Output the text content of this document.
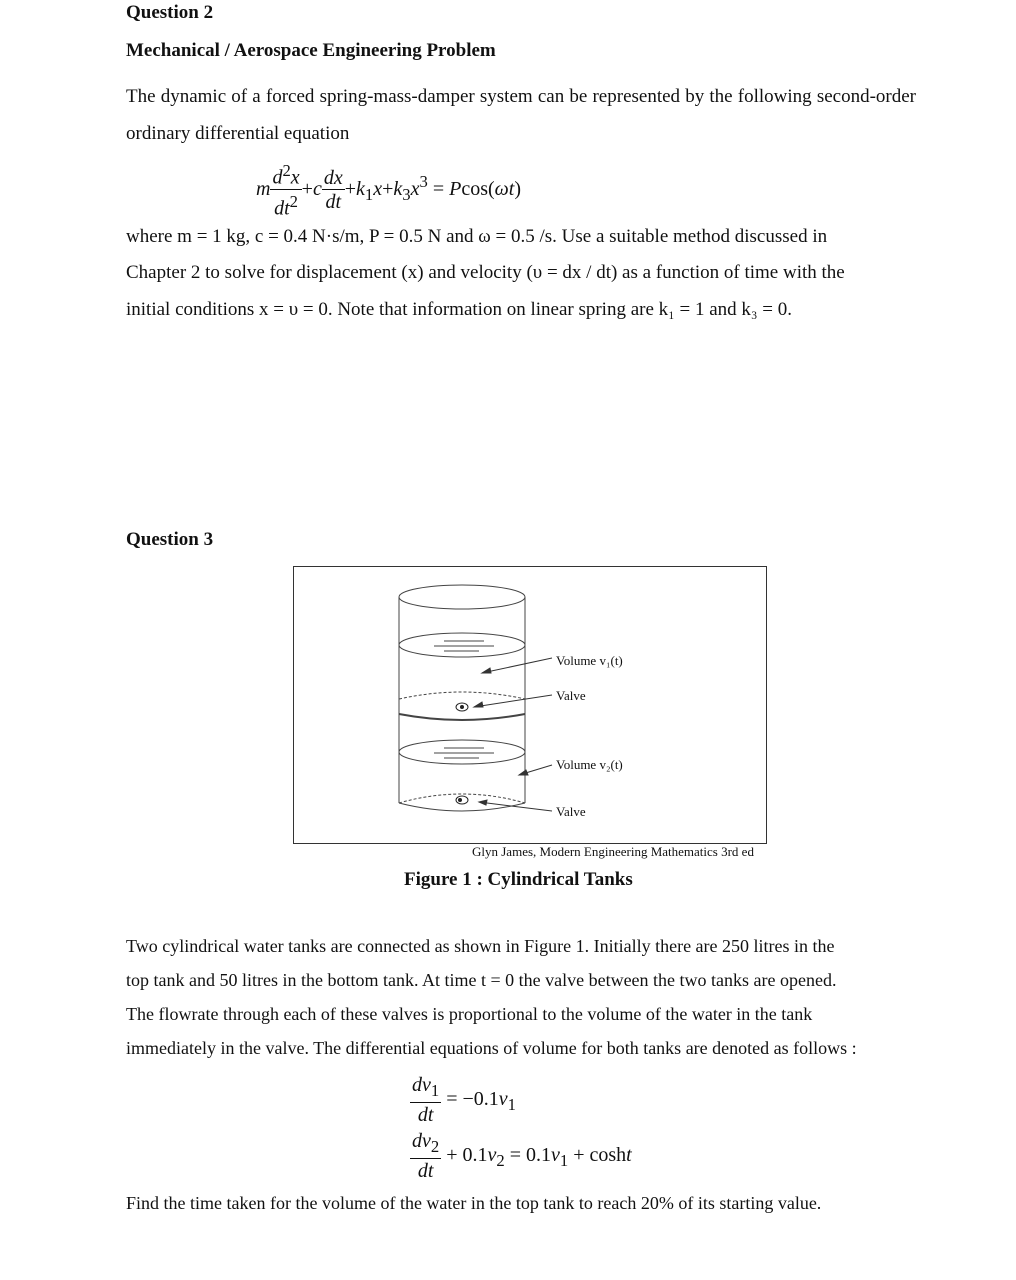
Question 2
Mechanical / Aerospace Engineering Problem
The dynamic of a forced spring-mass-damper system can be represented by the following second-order ordinary differential equation
m $\frac{d^2x}{dt^2} +c \frac{dx}{dt} +k_1x+k_3x^3 = Pcos(\omega t)$
where m = 1 kg, c = 0.4 N·s/m, P = 0.5 N and ω = 0.5 /s. Use a suitable method discussed in
Chapter 2 to solve for displacement (x) and velocity (υ = dx / dt) as a function of time with the
initial conditions x = υ = 0. Note that information on linear spring are k₁ = 1 and k₃ = 0.
Question 3
Volume v₁(t)
Valve
Volume v₂(t)
Valve
Glyn James, Modern Engineering Mathematics 3rd ed
Figure 1 : Cylindrical Tanks
Two cylindrical water tanks are connected as shown in Figure 1. Initially there are 250 litres in the
top tank and 50 litres in the bottom tank. At time t = 0 the valve between the two tanks are opened.
The flowrate through each of these valves is proportional to the volume of the water in the tank
immediately in the valve. The differential equations of volume for both tanks are denoted as follows :
$\frac{dv_1}{dt} = -0.1v_1$
$\frac{dv_2}{dt} + 0.1v_2 = 0.1v_1 + \cosh t$
Find the time taken for the volume of the water in the top tank to reach 20% of its starting value.
